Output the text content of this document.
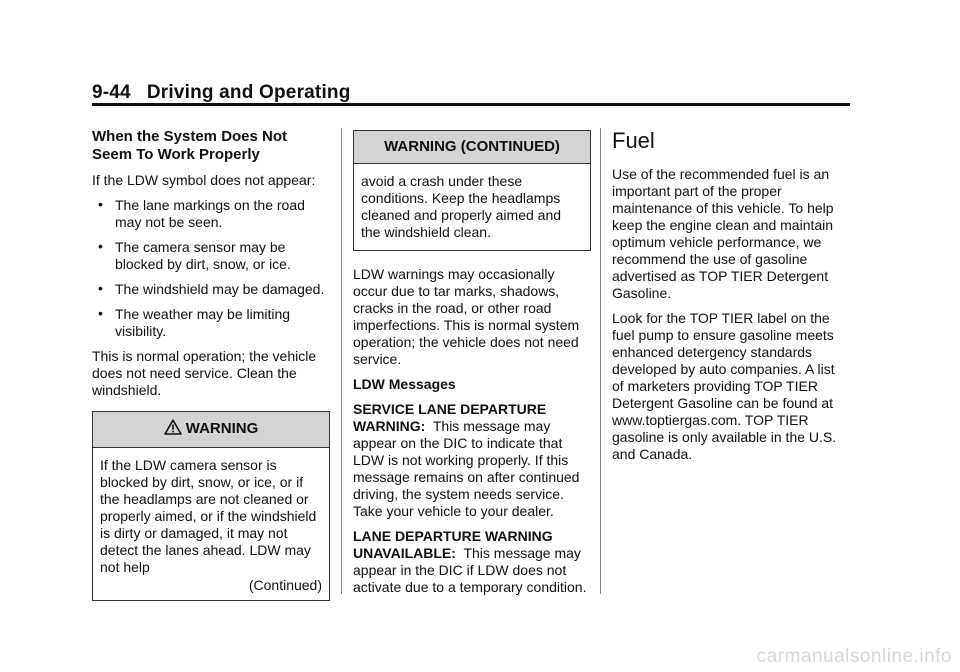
9-44 Driving and Operating
When the System Does Not Seem To Work Properly

If the LDW symbol does not appear:

• The lane markings on the road may not be seen.
• The camera sensor may be blocked by dirt, snow, or ice.
• The windshield may be damaged.
• The weather may be limiting visibility.

This is normal operation; the vehicle does not need service. Clean the windshield.

WARNING

If the LDW camera sensor is blocked by dirt, snow, or ice, or if the headlamps are not cleaned or properly aimed, or if the windshield is dirty or damaged, it may not detect the lanes ahead. LDW may not help

(Continued)
WARNING (CONTINUED)

avoid a crash under these conditions. Keep the headlamps cleaned and properly aimed and the windshield clean.

LDW warnings may occasionally occur due to tar marks, shadows, cracks in the road, or other road imperfections. This is normal system operation; the vehicle does not need service.

LDW Messages

SERVICE LANE DEPARTURE WARNING: This message may appear on the DIC to indicate that LDW is not working properly. If this message remains on after continued driving, the system needs service. Take your vehicle to your dealer.

LANE DEPARTURE WARNING UNAVAILABLE: This message may appear in the DIC if LDW does not activate due to a temporary condition.

Fuel

Use of the recommended fuel is an important part of the proper maintenance of this vehicle. To help keep the engine clean and maintain optimum vehicle performance, we recommend the use of gasoline advertised as TOP TIER Detergent Gasoline.

Look for the TOP TIER label on the fuel pump to ensure gasoline meets enhanced detergency standards developed by auto companies. A list of marketers providing TOP TIER Detergent Gasoline can be found at www.toptiergas.com. TOP TIER gasoline is only available in the U.S. and Canada.

carmanualsonline.info
